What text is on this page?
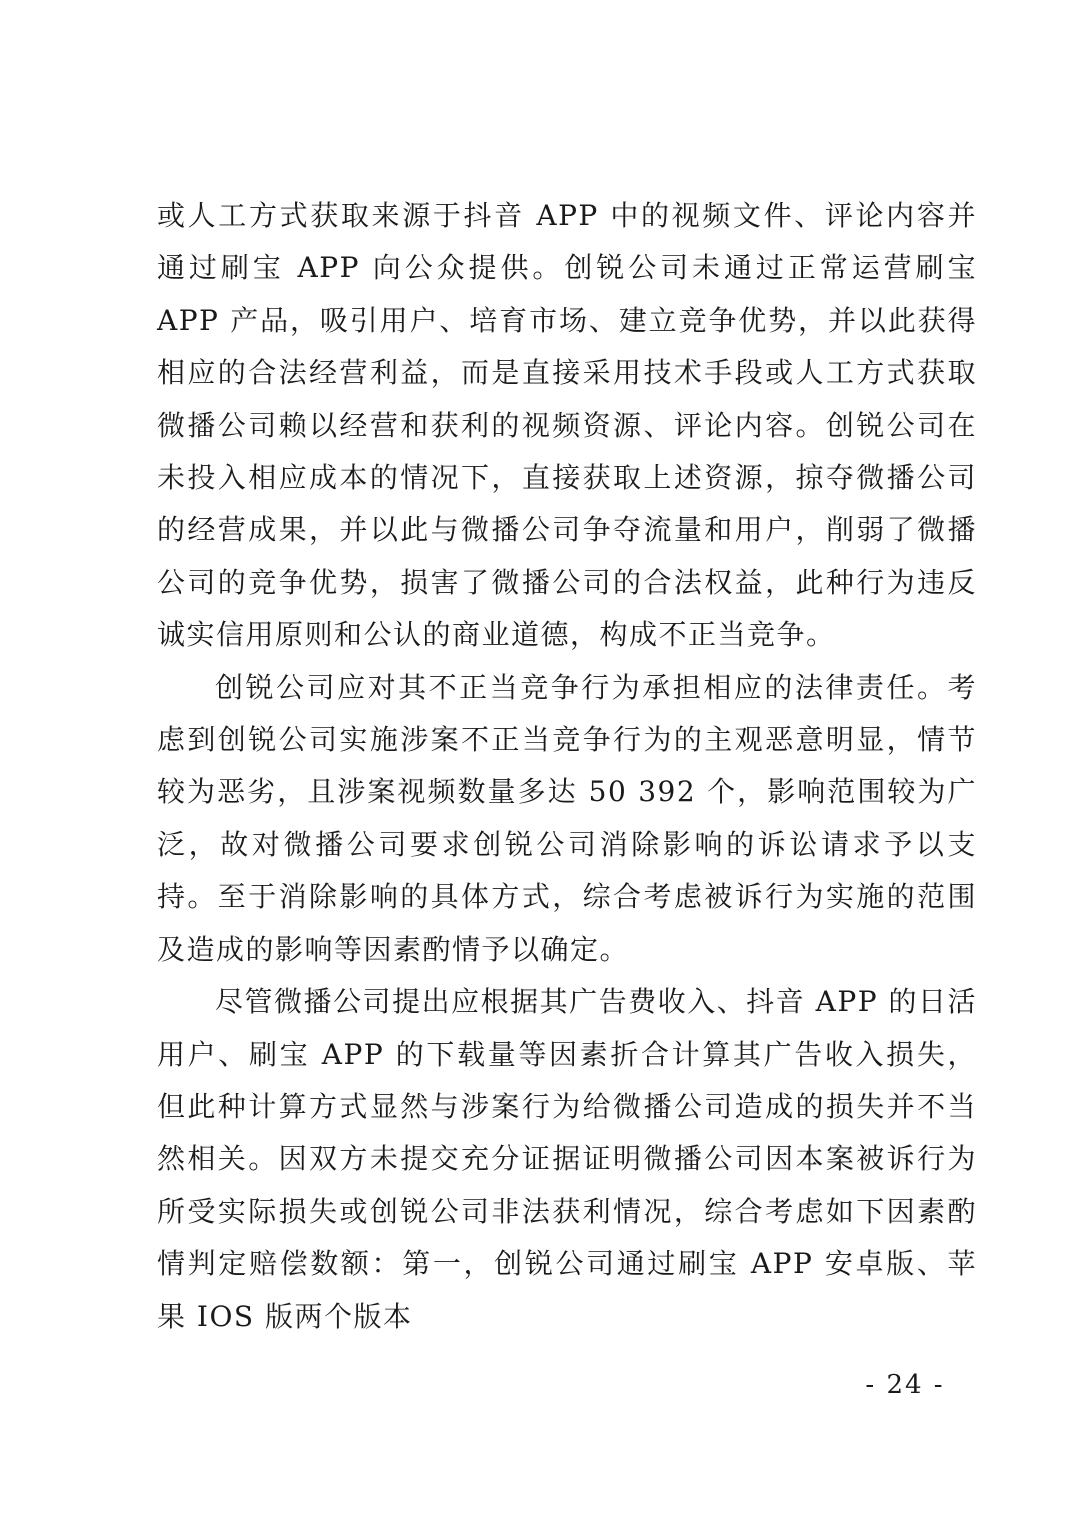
或人工方式获取来源于抖音 APP 中的视频文件、评论内容并通过刷宝 APP 向公众提供。创锐公司未通过正常运营刷宝 APP 产品，吸引用户、培育市场、建立竞争优势，并以此获得相应的合法经营利益，而是直接采用技术手段或人工方式获取微播公司赖以经营和获利的视频资源、评论内容。创锐公司在未投入相应成本的情况下，直接获取上述资源，掠夺微播公司的经营成果，并以此与微播公司争夺流量和用户，削弱了微播公司的竞争优势，损害了微播公司的合法权益，此种行为违反诚实信用原则和公认的商业道德，构成不正当竞争。

创锐公司应对其不正当竞争行为承担相应的法律责任。考虑到创锐公司实施涉案不正当竞争行为的主观恶意明显，情节较为恶劣，且涉案视频数量多达 50 392 个，影响范围较为广泛，故对微播公司要求创锐公司消除影响的诉讼请求予以支持。至于消除影响的具体方式，综合考虑被诉行为实施的范围及造成的影响等因素酌情予以确定。

尽管微播公司提出应根据其广告费收入、抖音 APP 的日活用户、刷宝 APP 的下载量等因素折合计算其广告收入损失，但此种计算方式显然与涉案行为给微播公司造成的损失并不当然相关。因双方未提交充分证据证明微播公司因本案被诉行为所受实际损失或创锐公司非法获利情况，综合考虑如下因素酌情判定赔偿数额：第一，创锐公司通过刷宝 APP 安卓版、苹果 IOS 版两个版本

- 24 -
